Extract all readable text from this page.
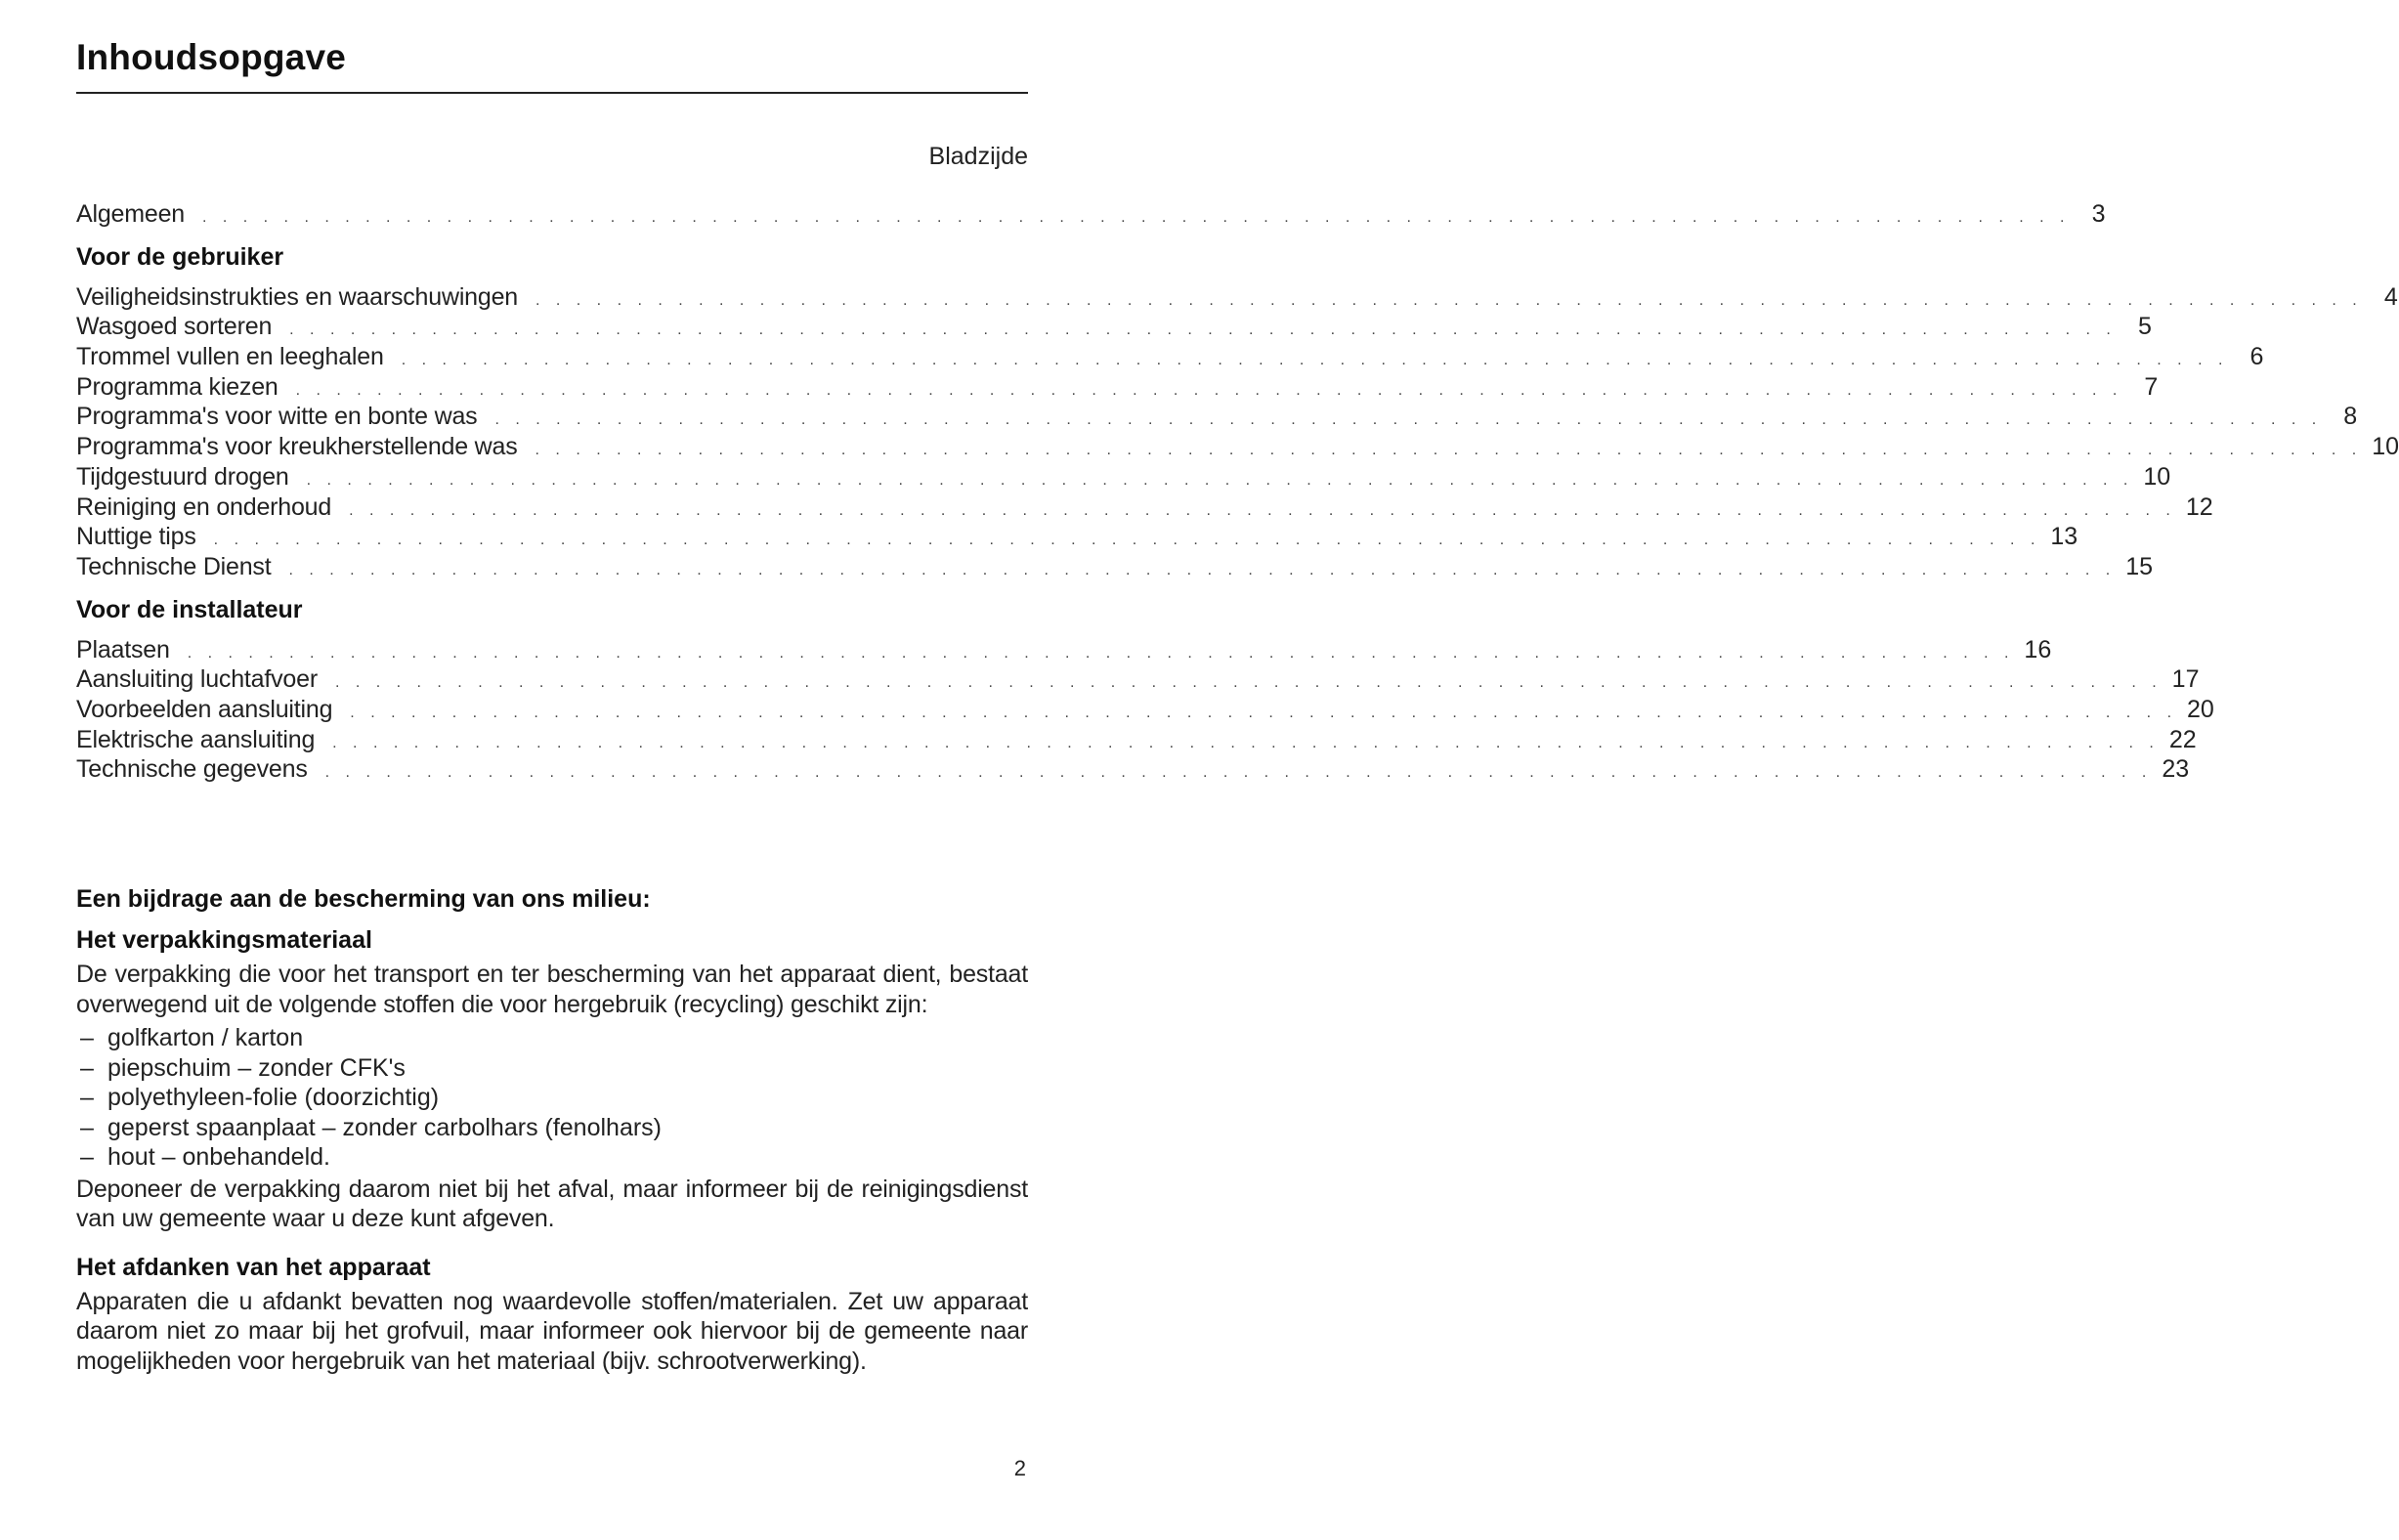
Inhoudsopgave
Bladzijde
Algemeen	. . . . . . . . . . . . . . . . . . . . . . . . . . . . . . . . . . . . . . . . . . . . . . . . . . . . . . . . . . . . . . . . . . . . . . . . . . . . . . . . . . . . . . . . . . . . 3
Voor de gebruiker
Veiligheidsinstrukties en waarschuwingen	. . . . . . . . . . . . . . . . . . . . . . . . . . . . . . . . . . . . . . . . . . . . . . . . . . . . . . . . . . . . . . . . . . . . . . . . . . . . . . . . . . . . . . . . . . 4
Wasgoed sorteren	. . . . . . . . . . . . . . . . . . . . . . . . . . . . . . . . . . . . . . . . . . . . . . . . . . . . . . . . . . . . . . . . . . . . . . . . . . . . . . . . . . . . . . . . . . 5
Trommel vullen en leeghalen	. . . . . . . . . . . . . . . . . . . . . . . . . . . . . . . . . . . . . . . . . . . . . . . . . . . . . . . . . . . . . . . . . . . . . . . . . . . . . . . . . . . . . . . . . . 6
Programma kiezen	. . . . . . . . . . . . . . . . . . . . . . . . . . . . . . . . . . . . . . . . . . . . . . . . . . . . . . . . . . . . . . . . . . . . . . . . . . . . . . . . . . . . . . . . . . 7
Programma's voor witte en bonte was	. . . . . . . . . . . . . . . . . . . . . . . . . . . . . . . . . . . . . . . . . . . . . . . . . . . . . . . . . . . . . . . . . . . . . . . . . . . . . . . . . . . . . . . . . . 8
Programma's voor kreukherstellende was	. . . . . . . . . . . . . . . . . . . . . . . . . . . . . . . . . . . . . . . . . . . . . . . . . . . . . . . . . . . . . . . . . . . . . . . . . . . . . . . . . . . . . . . . . . 10
Tijdgestuurd drogen	. . . . . . . . . . . . . . . . . . . . . . . . . . . . . . . . . . . . . . . . . . . . . . . . . . . . . . . . . . . . . . . . . . . . . . . . . . . . . . . . . . . . . . . . . . 10
Reiniging en onderhoud	. . . . . . . . . . . . . . . . . . . . . . . . . . . . . . . . . . . . . . . . . . . . . . . . . . . . . . . . . . . . . . . . . . . . . . . . . . . . . . . . . . . . . . . . . . 12
Nuttige tips	. . . . . . . . . . . . . . . . . . . . . . . . . . . . . . . . . . . . . . . . . . . . . . . . . . . . . . . . . . . . . . . . . . . . . . . . . . . . . . . . . . . . . . . . . . 13
Technische Dienst	. . . . . . . . . . . . . . . . . . . . . . . . . . . . . . . . . . . . . . . . . . . . . . . . . . . . . . . . . . . . . . . . . . . . . . . . . . . . . . . . . . . . . . . . . . 15
Voor de installateur
Plaatsen	. . . . . . . . . . . . . . . . . . . . . . . . . . . . . . . . . . . . . . . . . . . . . . . . . . . . . . . . . . . . . . . . . . . . . . . . . . . . . . . . . . . . . . . . . . 16
Aansluiting luchtafvoer	. . . . . . . . . . . . . . . . . . . . . . . . . . . . . . . . . . . . . . . . . . . . . . . . . . . . . . . . . . . . . . . . . . . . . . . . . . . . . . . . . . . . . . . . . . 17
Voorbeelden aansluiting	. . . . . . . . . . . . . . . . . . . . . . . . . . . . . . . . . . . . . . . . . . . . . . . . . . . . . . . . . . . . . . . . . . . . . . . . . . . . . . . . . . . . . . . . . . 20
Elektrische aansluiting	. . . . . . . . . . . . . . . . . . . . . . . . . . . . . . . . . . . . . . . . . . . . . . . . . . . . . . . . . . . . . . . . . . . . . . . . . . . . . . . . . . . . . . . . . . 22
Technische gegevens	. . . . . . . . . . . . . . . . . . . . . . . . . . . . . . . . . . . . . . . . . . . . . . . . . . . . . . . . . . . . . . . . . . . . . . . . . . . . . . . . . . . . . . . . . . 23
Een bijdrage aan de bescherming van ons milieu:
Het verpakkingsmateriaal

De verpakking die voor het transport en ter bescherming van het apparaat dient, bestaat overwegend uit de volgende stoffen die voor hergebruik (recycling) geschikt zijn:

– golfkarton / karton
– piepschuim – zonder CFK's
– polyethyleen-folie (doorzichtig)
– geperst spaanplaat – zonder carbolhars (fenolhars)
– hout – onbehandeld.

Deponeer de verpakking daarom niet bij het afval, maar informeer bij de reinigingsdienst van uw gemeente waar u deze kunt afgeven.

Het afdanken van het apparaat

Apparaten die u afdankt bevatten nog waardevolle stoffen/materialen. Zet uw apparaat daarom niet zo maar bij het grofvuil, maar informeer ook hiervoor bij de gemeente naar mogelijkheden voor hergebruik van het materiaal (bijv. schrootverwerking).

2
